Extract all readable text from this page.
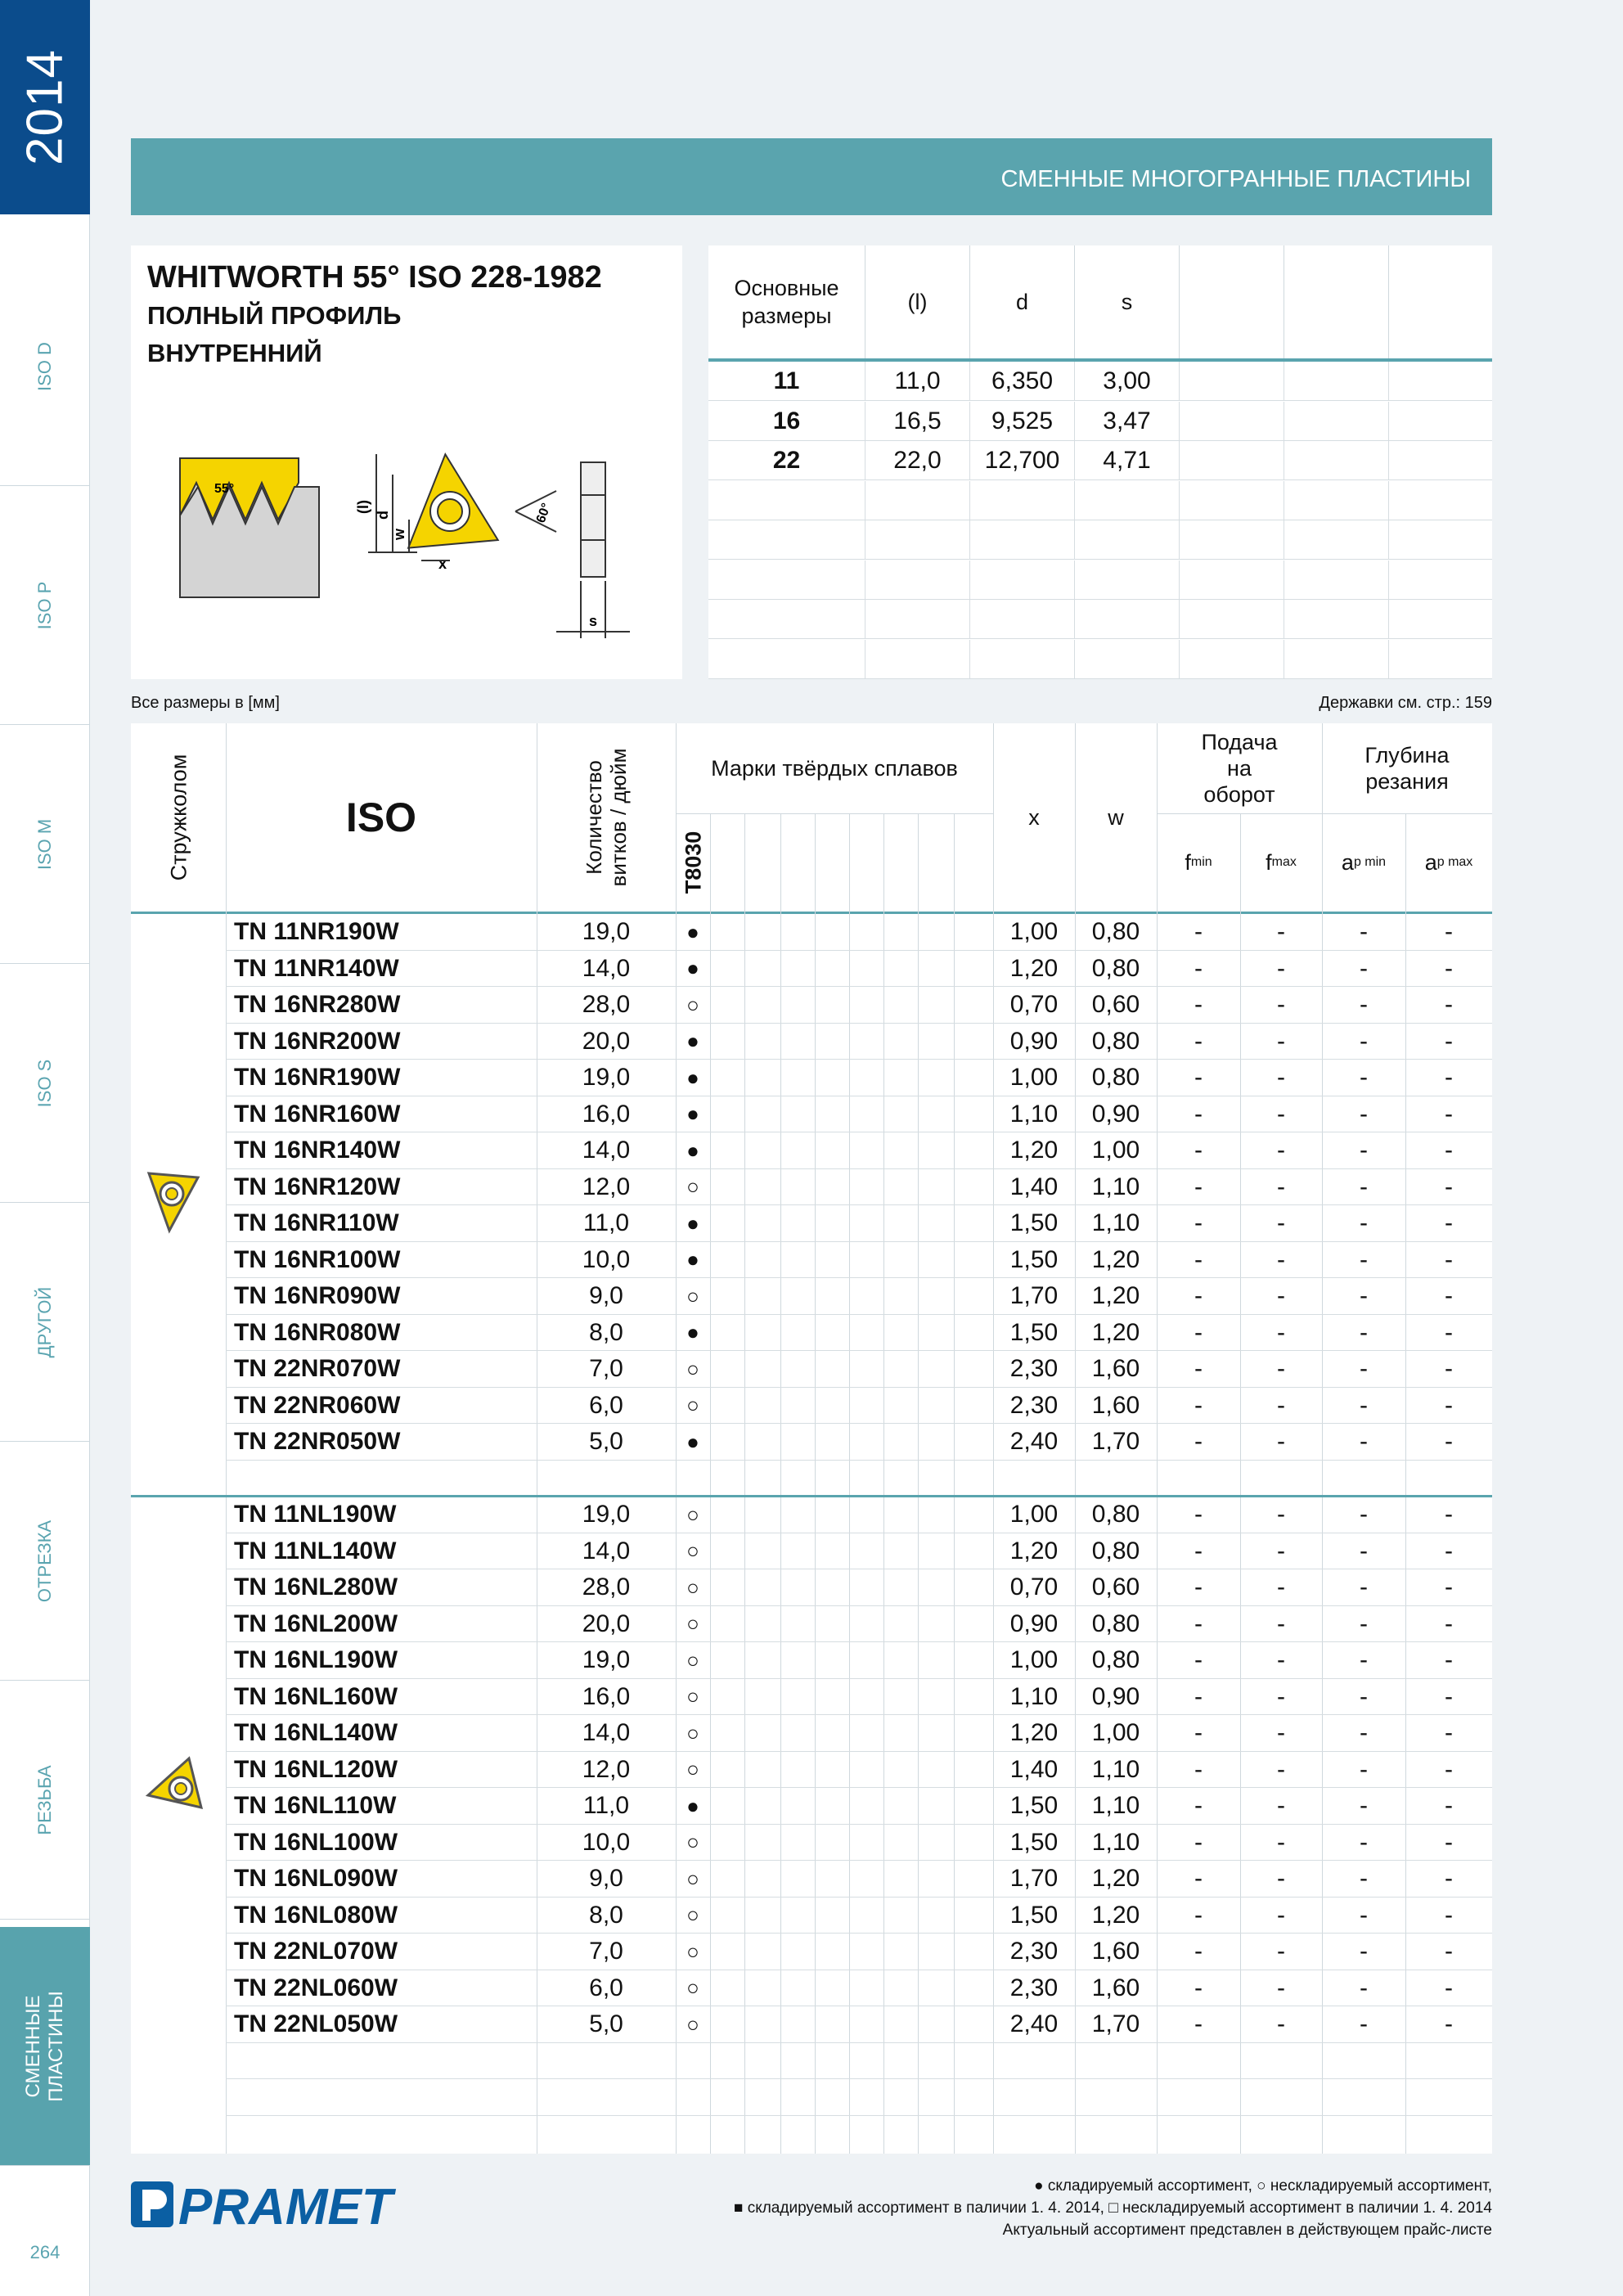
2014
ISO D
ISO P
ISO M
ISO S
ДРУГОЙ
ОТРЕЗКА
РЕЗЬБА
СМЕННЫЕ ПЛАСТИНЫ
264
СМЕННЫЕ МНОГОГРАННЫЕ ПЛАСТИНЫ
WHITWORTH 55° ISO 228-1982
ПОЛНЫЙ ПРОФИЛЬ
ВНУТРЕННИЙ
55°
(l)
d
w
x
60°
s
Основные размеры
(l)	d	s
11	11,0	6,350	3,00
16	16,5	9,525	3,47
22	22,0	12,700	4,71
Все размеры в [мм]	Державки см. стр.: 159
Стружколом	ISO	Количество витков / дюйм	Марки твёрдых сплавов
T8030
x	w
Подача на оборот
Глубина резания
f min f max a p min a p max
TN 11NR190W	19,0	●	1,00	0,80	-	-	-	-
TN 11NR140W	14,0	●	1,20	0,80	-	-	-	-
TN 16NR280W	28,0	○	0,70	0,60	-	-	-	-
TN 16NR200W	20,0	●	0,90	0,80	-	-	-	-
TN 16NR190W	19,0	●	1,00	0,80	-	-	-	-
TN 16NR160W	16,0	●	1,10	0,90	-	-	-	-
TN 16NR140W	14,0	●	1,20	1,00	-	-	-	-
TN 16NR120W	12,0	○	1,40	1,10	-	-	-	-
TN 16NR110W	11,0	●	1,50	1,10	-	-	-	-
TN 16NR100W	10,0	●	1,50	1,20	-	-	-	-
TN 16NR090W	9,0	○	1,70	1,20	-	-	-	-
TN 16NR080W	8,0	●	1,50	1,20	-	-	-	-
TN 22NR070W	7,0	○	2,30	1,60	-	-	-	-
TN 22NR060W	6,0	○	2,30	1,60	-	-	-	-
TN 22NR050W	5,0	●	2,40	1,70	-	-	-	-
TN 11NL190W	19,0	○	1,00	0,80	-	-	-	-
TN 11NL140W	14,0	○	1,20	0,80	-	-	-	-
TN 16NL280W	28,0	○	0,70	0,60	-	-	-	-
TN 16NL200W	20,0	○	0,90	0,80	-	-	-	-
TN 16NL190W	19,0	○	1,00	0,80	-	-	-	-
TN 16NL160W	16,0	○	1,10	0,90	-	-	-	-
TN 16NL140W	14,0	○	1,20	1,00	-	-	-	-
TN 16NL120W	12,0	○	1,40	1,10	-	-	-	-
TN 16NL110W	11,0	●	1,50	1,10	-	-	-	-
TN 16NL100W	10,0	○	1,50	1,10	-	-	-	-
TN 16NL090W	9,0	○	1,70	1,20	-	-	-	-
TN 16NL080W	8,0	○	1,50	1,20	-	-	-	-
TN 22NL070W	7,0	○	2,30	1,60	-	-	-	-
TN 22NL060W	6,0	○	2,30	1,60	-	-	-	-
TN 22NL050W	5,0	○	2,40	1,70	-	-	-	-
PRAMET	● складируемый ассортимент, ○ нескладируемый ассортимент,
■ складируемый ассортимент в паличии 1. 4. 2014, □ нескладируемый ассортимент в паличии 1. 4. 2014
Актуальный ассортимент представлен в действующем прайс-листе
